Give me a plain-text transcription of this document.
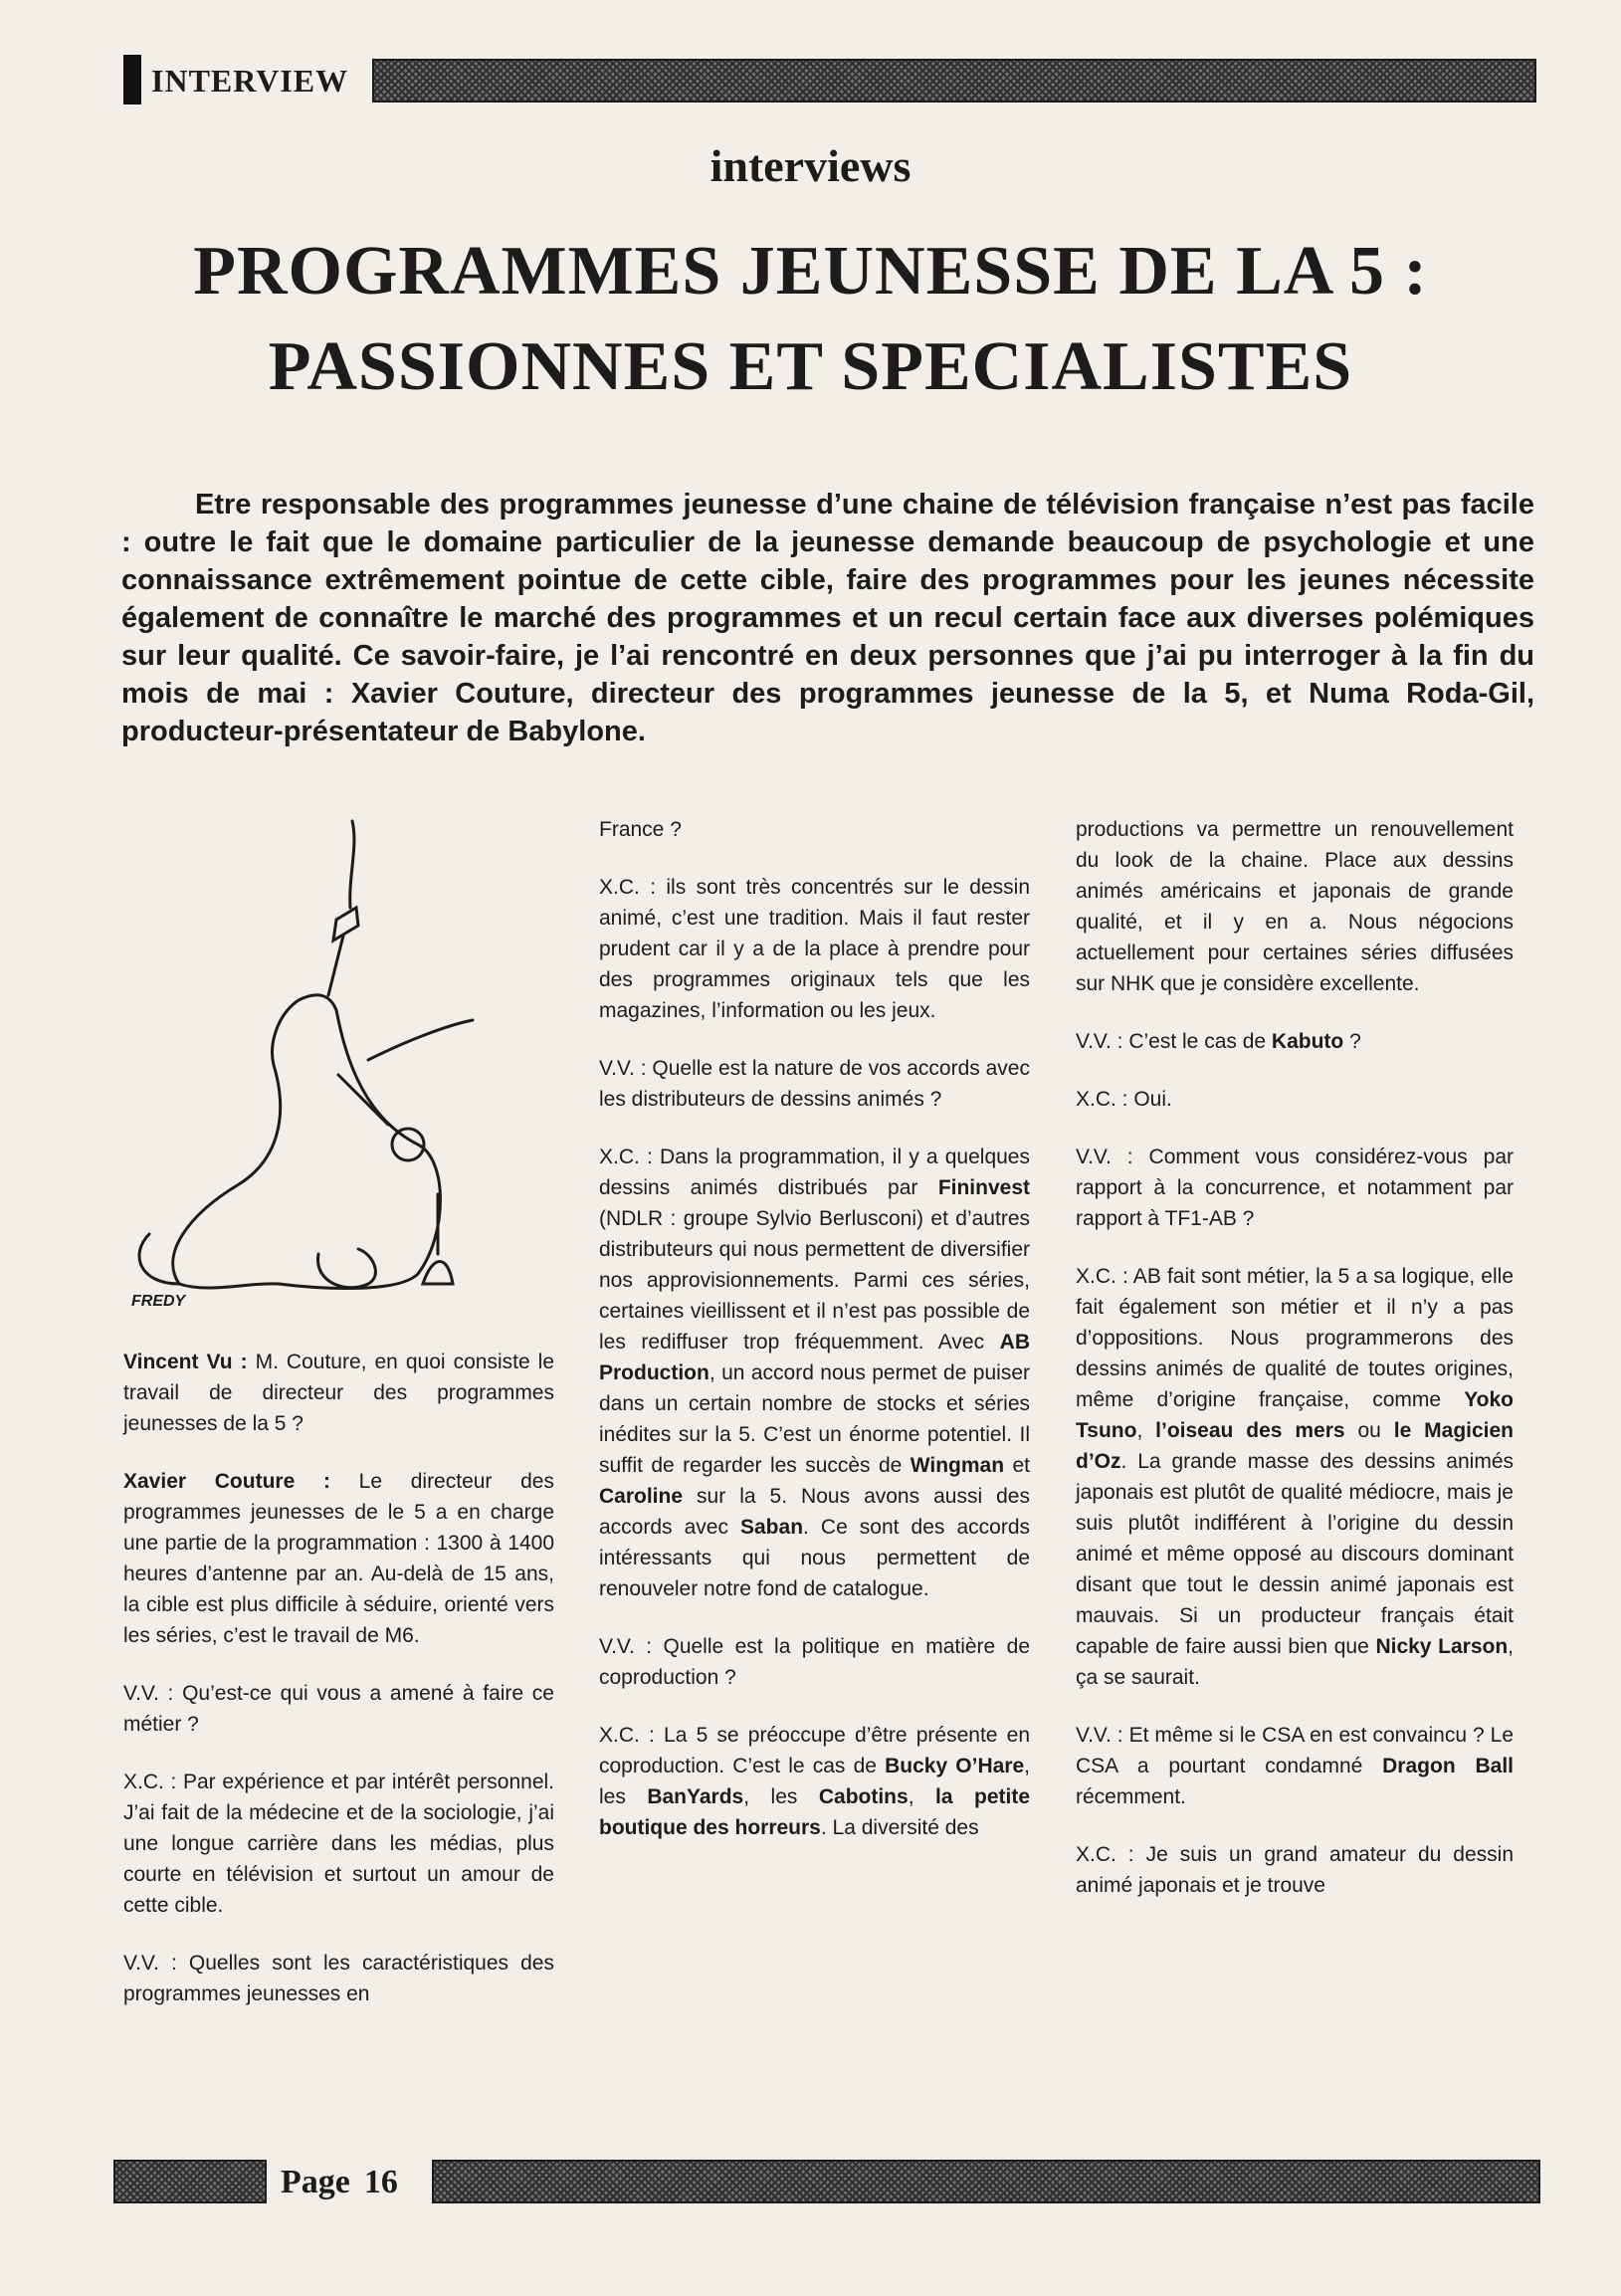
INTERVIEW
interviews
PROGRAMMES JEUNESSE DE LA 5 :
PASSIONNES ET SPECIALISTES
Etre responsable des programmes jeunesse d’une chaine de télévision française n’est pas facile : outre le fait que le domaine particulier de la jeunesse demande beaucoup de psychologie et une connaissance extrêmement pointue de cette cible, faire des programmes pour les jeunes nécessite également de connaître le marché des programmes et un recul certain face aux diverses polémiques sur leur qualité. Ce savoir-faire, je l’ai rencontré en deux personnes que j’ai pu interroger à la fin du mois de mai : Xavier Couture, directeur des programmes jeunesse de la 5, et Numa Roda-Gil, producteur-présentateur de Babylone.
FREDY

Vincent Vu : M. Couture, en quoi consiste le travail de directeur des programmes jeunesses de la 5 ?

Xavier Couture : Le directeur des programmes jeunesses de le 5 a en charge une partie de la programmation : 1300 à 1400 heures d’antenne par an. Au-delà de 15 ans, la cible est plus difficile à séduire, orienté vers les séries, c’est le travail de M6.

V.V. : Qu’est-ce qui vous a amené à faire ce métier ?

X.C. : Par expérience et par intérêt personnel. J’ai fait de la médecine et de la sociologie, j’ai une longue carrière dans les médias, plus courte en télévision et surtout un amour de cette cible.

V.V. : Quelles sont les caractéristiques des programmes jeunesses en

France ?

X.C. : ils sont très concentrés sur le dessin animé, c’est une tradition. Mais il faut rester prudent car il y a de la place à prendre pour des programmes originaux tels que les magazines, l’information ou les jeux.

V.V. : Quelle est la nature de vos accords avec les distributeurs de dessins animés ?

X.C. : Dans la programmation, il y a quelques dessins animés distribués par Fininvest (NDLR : groupe Sylvio Berlusconi) et d’autres distributeurs qui nous permettent de diversifier nos approvisionnements. Parmi ces séries, certaines vieillissent et il n’est pas possible de les rediffuser trop fréquemment. Avec AB Production, un accord nous permet de puiser dans un certain nombre de stocks et séries inédites sur la 5. C’est un énorme potentiel. Il suffit de regarder les succès de Wingman et Caroline sur la 5. Nous avons aussi des accords avec Saban. Ce sont des accords intéressants qui nous permettent de renouveler notre fond de catalogue.

V.V. : Quelle est la politique en matière de coproduction ?

X.C. : La 5 se préoccupe d’être présente en coproduction. C’est le cas de Bucky O’Hare, les BanYards, les Cabotins, la petite boutique des horreurs. La diversité des

productions va permettre un renouvellement du look de la chaine. Place aux dessins animés américains et japonais de grande qualité, et il y en a. Nous négocions actuellement pour certaines séries diffusées sur NHK que je considère excellente.

V.V. : C’est le cas de Kabuto ?

X.C. : Oui.

V.V. : Comment vous considérez-vous par rapport à la concurrence, et notamment par rapport à TF1-AB ?

X.C. : AB fait sont métier, la 5 a sa logique, elle fait également son métier et il n’y a pas d’oppositions. Nous programmerons des dessins animés de qualité de toutes origines, même d’origine française, comme Yoko Tsuno, l’oiseau des mers ou le Magicien d’Oz. La grande masse des dessins animés japonais est plutôt de qualité médiocre, mais je suis plutôt indifférent à l’origine du dessin animé et même opposé au discours dominant disant que tout le dessin animé japonais est mauvais. Si un producteur français était capable de faire aussi bien que Nicky Larson, ça se saurait.

V.V. : Et même si le CSA en est convaincu ? Le CSA a pourtant condamné Dragon Ball récemment.

X.C. : Je suis un grand amateur du dessin animé japonais et je trouve

Page 16
